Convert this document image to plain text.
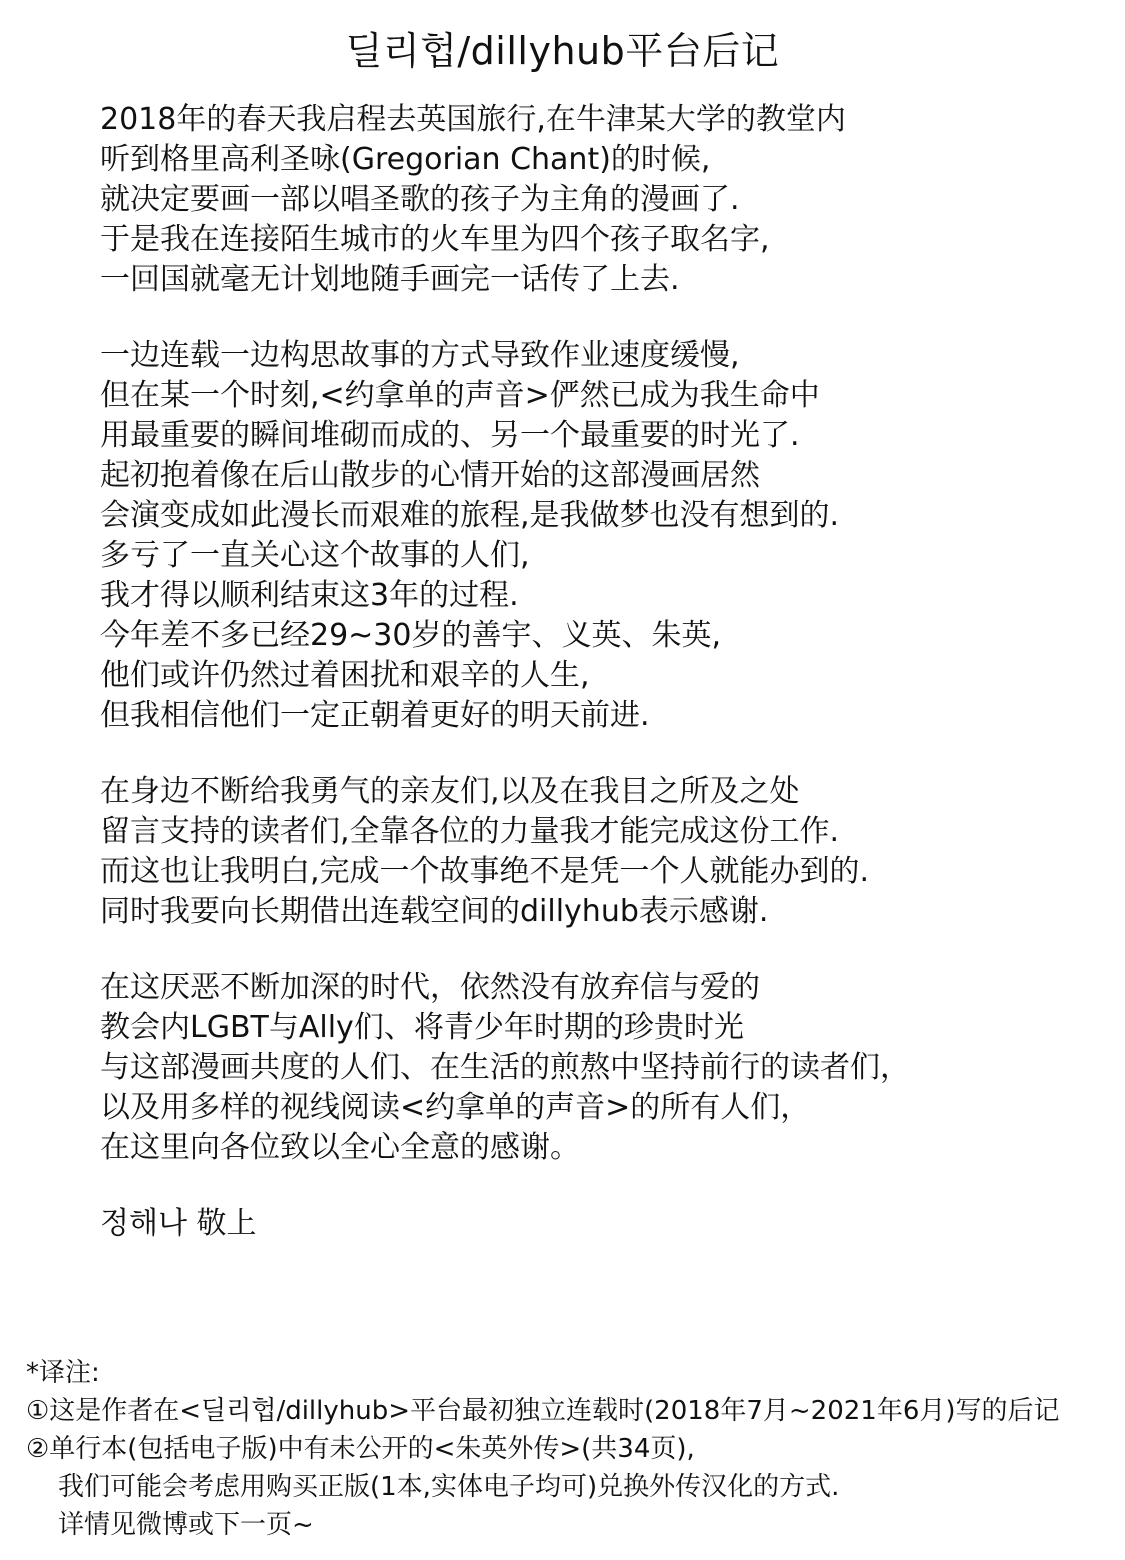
딜리헙/dillyhub平台后记
2018年的春天我启程去英国旅行,在牛津某大学的教堂内
听到格里高利圣咏(Gregorian Chant)的时候,
就决定要画一部以唱圣歌的孩子为主角的漫画了.
于是我在连接陌生城市的火车里为四个孩子取名字,
一回国就毫无计划地随手画完一话传了上去.
一边连载一边构思故事的方式导致作业速度缓慢,
但在某一个时刻,<约拿单的声音>俨然已成为我生命中
用最重要的瞬间堆砌而成的、另一个最重要的时光了.
起初抱着像在后山散步的心情开始的这部漫画居然
会演变成如此漫长而艰难的旅程,是我做梦也没有想到的.
多亏了一直关心这个故事的人们,
我才得以顺利结束这3年的过程.
今年差不多已经29~30岁的善宇、义英、朱英,
他们或许仍然过着困扰和艰辛的人生,
但我相信他们一定正朝着更好的明天前进.
在身边不断给我勇气的亲友们,以及在我目之所及之处
留言支持的读者们,全靠各位的力量我才能完成这份工作.
而这也让我明白,完成一个故事绝不是凭一个人就能办到的.
同时我要向长期借出连载空间的dillyhub表示感谢.
在这厌恶不断加深的时代，依然没有放弃信与爱的
教会内LGBT与Ally们、将青少年时期的珍贵时光
与这部漫画共度的人们、在生活的煎熬中坚持前行的读者们，
以及用多样的视线阅读<约拿单的声音>的所有人们，
在这里向各位致以全心全意的感谢。
정해나 敬上
*译注:
①这是作者在<딜리헙/dillyhub>平台最初独立连载时(2018年7月~2021年6月)写的后记
②单行本(包括电子版)中有未公开的<朱英外传>(共34页),
我们可能会考虑用购买正版(1本,实体电子均可)兑换外传汉化的方式.
详情见微博或下一页~
